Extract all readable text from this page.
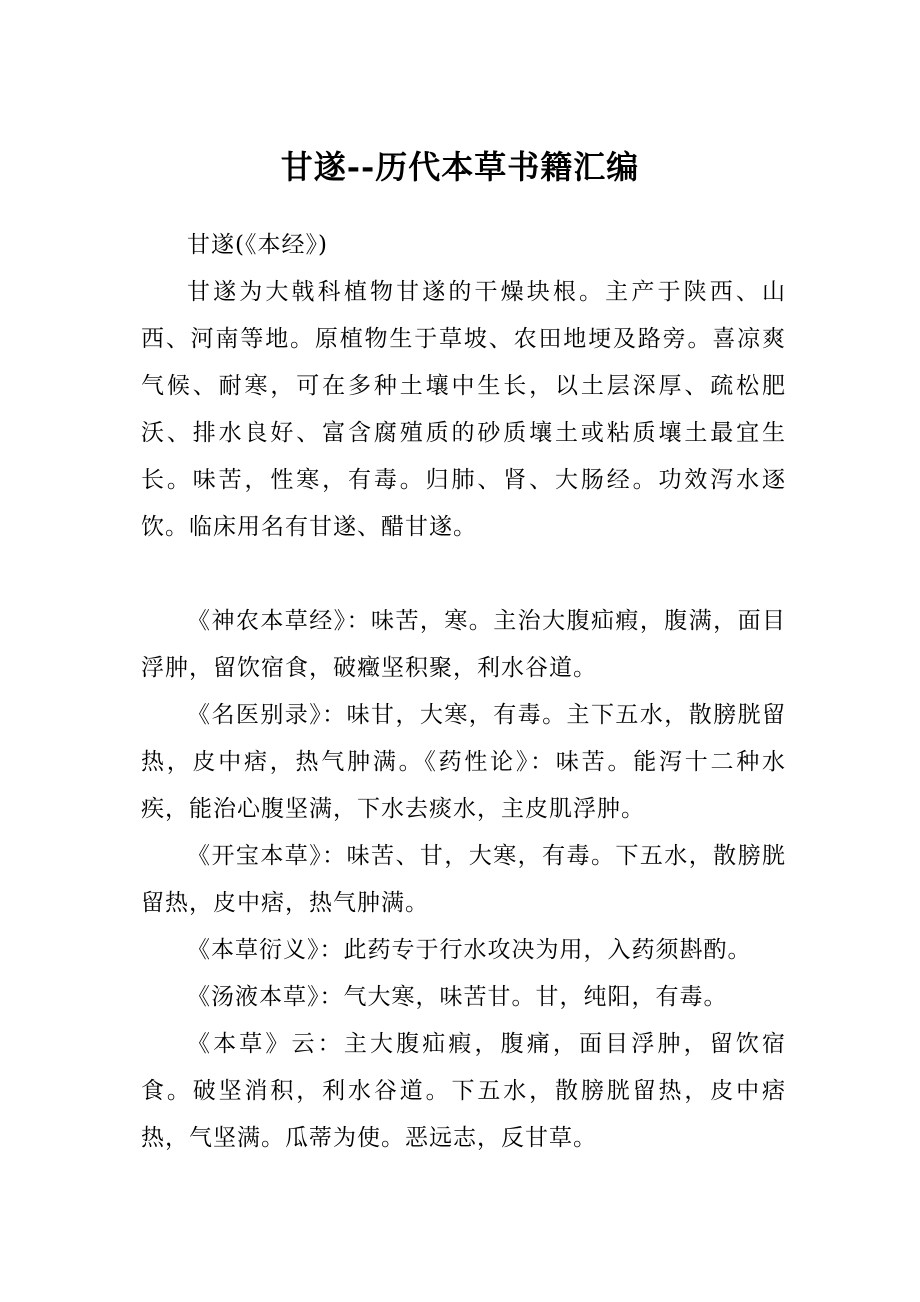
甘遂--历代本草书籍汇编

甘遂(《本经》)

甘遂为大戟科植物甘遂的干燥块根。主产于陕西、山西、河南等地。原植物生于草坡、农田地埂及路旁。喜凉爽气候、耐寒，可在多种土壤中生长，以土层深厚、疏松肥沃、排水良好、富含腐殖质的砂质壤土或粘质壤土最宜生长。味苦，性寒，有毒。归肺、肾、大肠经。功效泻水逐饮。临床用名有甘遂、醋甘遂。

《神农本草经》：味苦，寒。主治大腹疝瘕，腹满，面目浮肿，留饮宿食，破癥坚积聚，利水谷道。

《名医别录》：味甘，大寒，有毒。主下五水，散膀胱留热，皮中痞，热气肿满。《药性论》：味苦。能泻十二种水疾，能治心腹坚满，下水去痰水，主皮肌浮肿。

《开宝本草》：味苦、甘，大寒，有毒。下五水，散膀胱留热，皮中痞，热气肿满。

《本草衍义》：此药专于行水攻决为用，入药须斟酌。

《汤液本草》：气大寒，味苦甘。甘，纯阳，有毒。

《本草》云：主大腹疝瘕，腹痛，面目浮肿，留饮宿食。破坚消积，利水谷道。下五水，散膀胱留热，皮中痞热，气坚满。瓜蒂为使。恶远志，反甘草。
